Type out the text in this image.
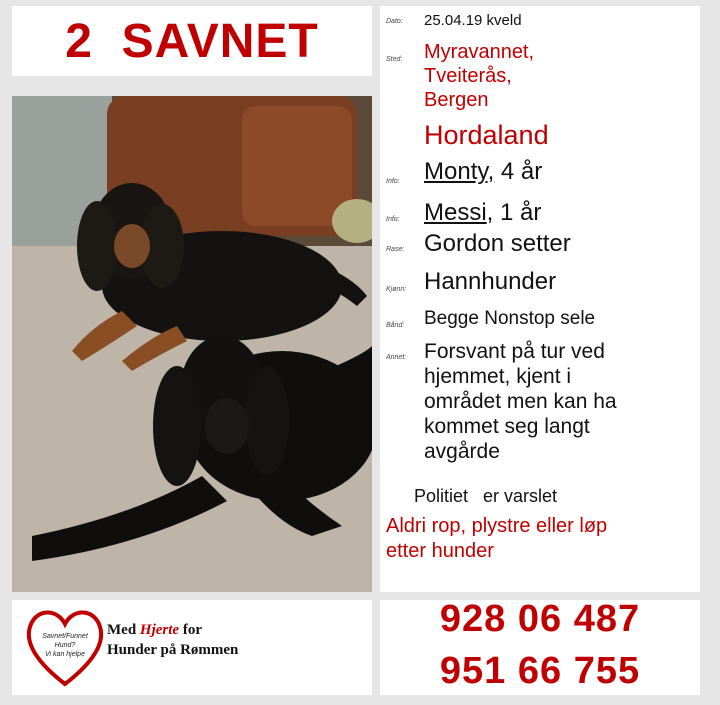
2  SAVNET	Dato: 25.04.19 kveld
Sted: Myravannet,
Tveiterås,
Bergen
Hordaland
Info: Monty, 4 år
Info: Messi, 1 år
Rase: Gordon setter
Kjønn: Hannhunder
Bånd: Begge Nonstop sele
Annet: Forsvant på tur ved
hjemmet, kjent i
området men kan ha
kommet seg langt
avgårde
Politiet   er varslet
Aldri rop, plystre eller løp
etter hunder
Savnet/Funnet
Hund?
Vi kan hjelpe
Med Hjerte for
Hunder på Rømmen
928 06 487
951 66 755
